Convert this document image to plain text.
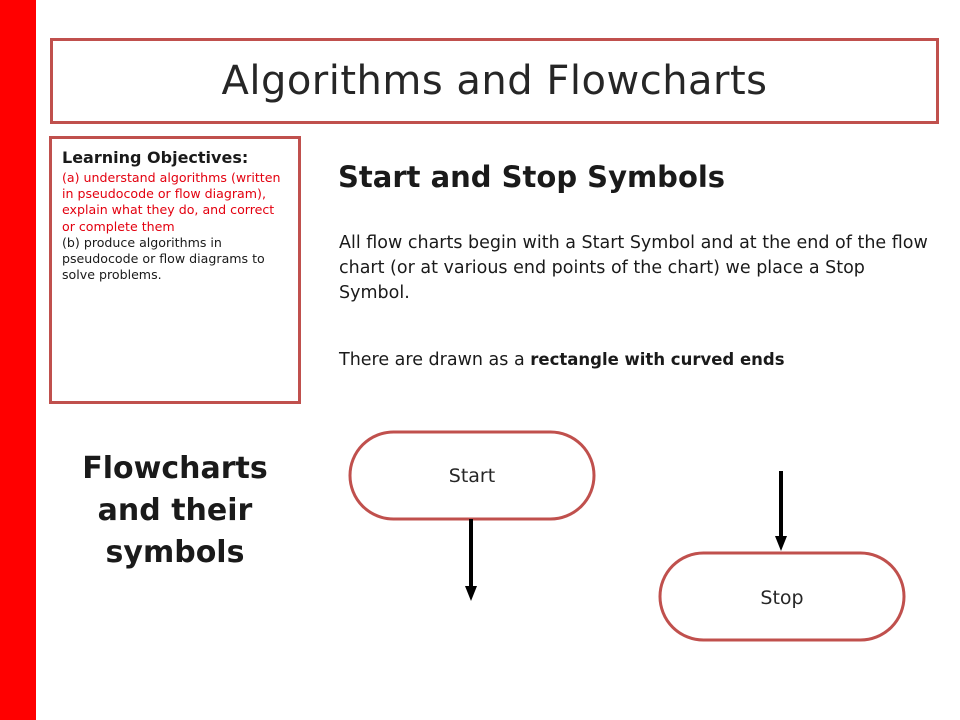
Algorithms and Flowcharts
Learning Objectives:
(a) understand algorithms (written in pseudocode or flow diagram), explain what they do, and correct or complete them
(b) produce algorithms in pseudocode or flow diagrams to solve problems.
Start and Stop Symbols
All flow charts begin with a Start Symbol and at the end of the flow chart (or at various end points of the chart) we place a Stop Symbol.
There are drawn as a rectangle with curved ends
Flowcharts and their symbols
Start
Stop
